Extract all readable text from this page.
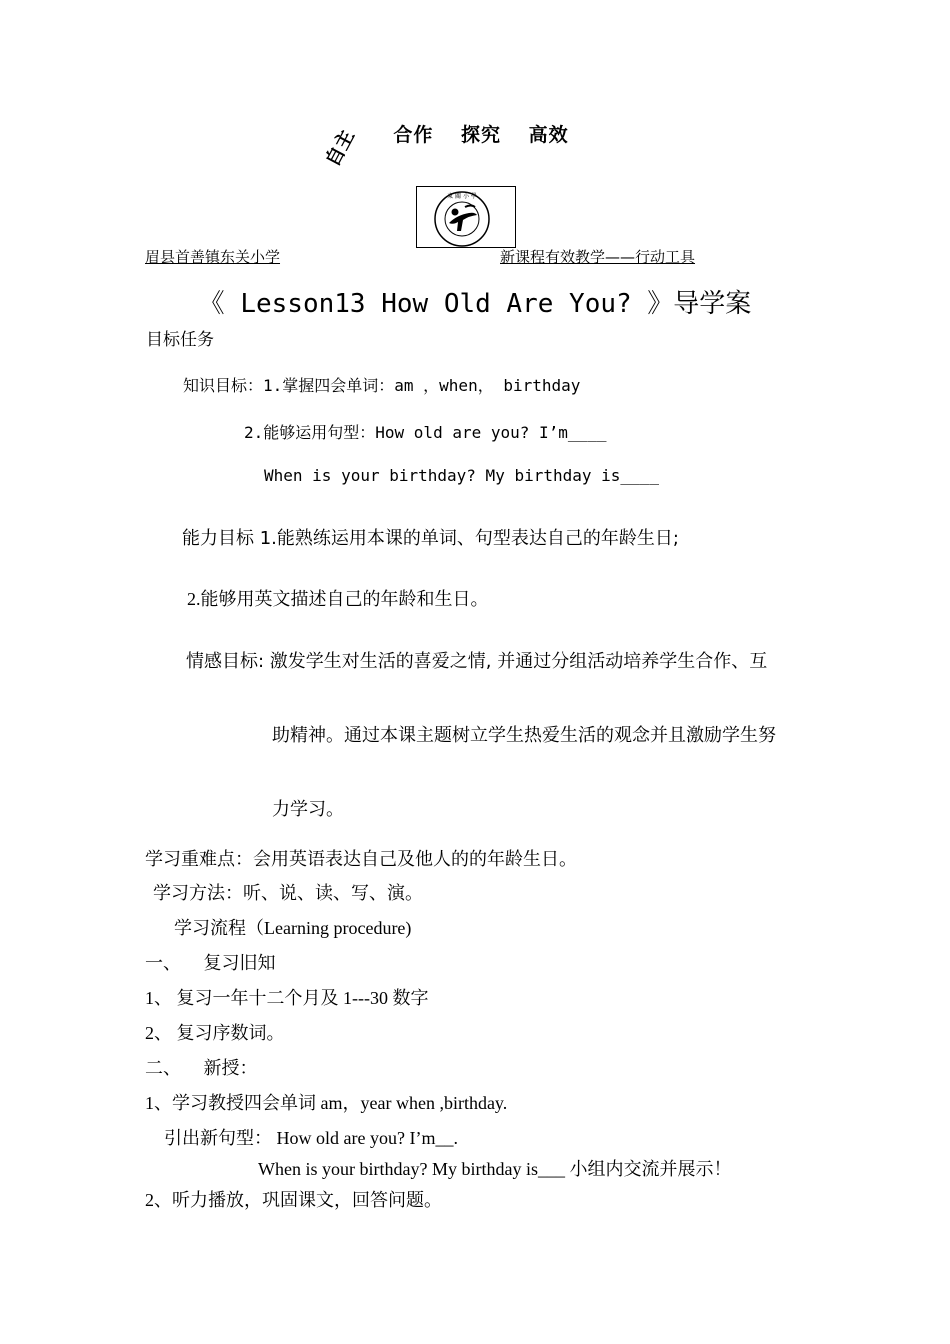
合作 探究 高效
自主
東 關 小 學
眉县首善镇东关小学	新课程有效教学——行动工具
《 Lesson13 How Old Are You? 》导学案
目标任务
知识目标：1.掌握四会单词：am ，when， birthday
2.能够运用句型：How old are you? I’m____
When is your birthday? My birthday is____
能力目标 1.能熟练运用本课的单词、句型表达自己的年龄生日;
2.能够用英文描述自己的年龄和生日。
情感目标: 激发学生对生活的喜爱之情, 并通过分组活动培养学生合作、互
助精神。通过本课主题树立学生热爱生活的观念并且激励学生努
力学习。
学习重难点：会用英语表达自己及他人的的年龄生日。
学习方法：听、说、读、写、演。
学习流程（Learning procedure)
一、     复习旧知
1、 复习一年十二个月及 1---30 数字
2、 复习序数词。
二、     新授：
1、学习教授四会单词 am，year when ,birthday.
引出新句型： How old are you? I’m__.
When is your birthday? My birthday is___ 小组内交流并展示！
2、听力播放，巩固课文，回答问题。
